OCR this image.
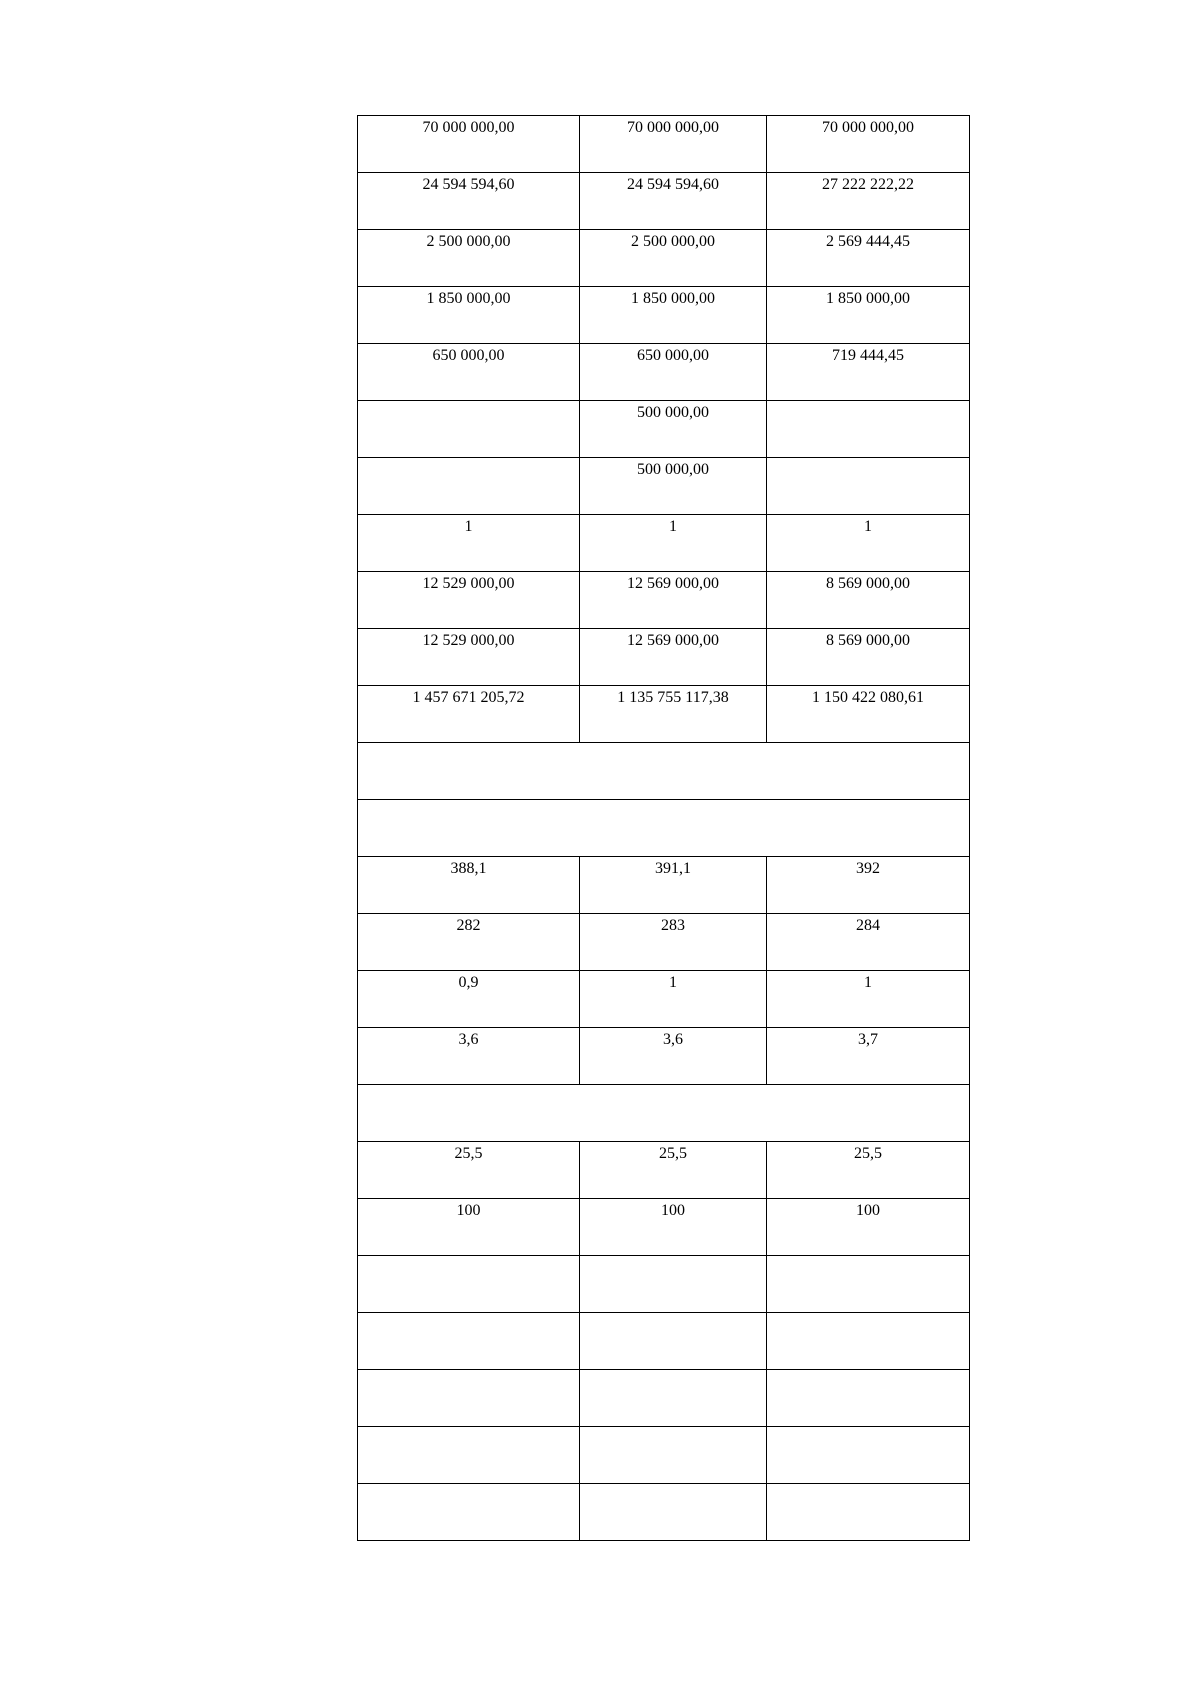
70 000 000,00	70 000 000,00	70 000 000,00

24 594 594,60	24 594 594,60	27 222 222,22

2 500 000,00	2 500 000,00	2 569 444,45

1 850 000,00	1 850 000,00	1 850 000,00

650 000,00	650 000,00	719 444,45

	500 000,00	

	500 000,00	

1	1	1

12 529 000,00	12 569 000,00	8 569 000,00

12 529 000,00	12 569 000,00	8 569 000,00

1 457 671 205,72	1 135 755 117,38	1 150 422 080,61

388,1	391,1	392

282	283	284

0,9	1	1

3,6	3,6	3,7

25,5	25,5	25,5

100	100	100
